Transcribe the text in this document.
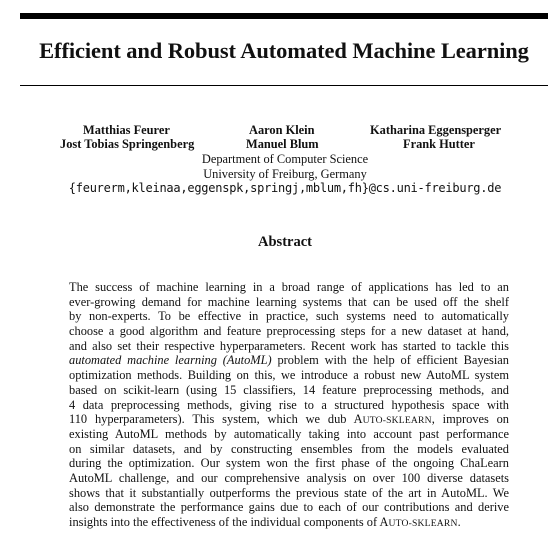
Efficient and Robust Automated Machine Learning
Matthias Feurer	Aaron Klein	Katharina Eggensperger
Jost Tobias Springenberg	Manuel Blum	Frank Hutter
Department of Computer Science
University of Freiburg, Germany
{feurerm,kleinaa,eggenspk,springj,mblum,fh}@cs.uni-freiburg.de
Abstract
The success of machine learning in a broad range of applications has led to an
ever-growing demand for machine learning systems that can be used off the shelf
by non-experts. To be effective in practice, such systems need to automatically
choose a good algorithm and feature preprocessing steps for a new dataset at hand,
and also set their respective hyperparameters. Recent work has started to tackle this
automated machine learning (AutoML) problem with the help of efficient Bayesian
optimization methods. Building on this, we introduce a robust new AutoML system
based on scikit-learn (using 15 classifiers, 14 feature preprocessing methods, and
4 data preprocessing methods, giving rise to a structured hypothesis space with
110 hyperparameters). This system, which we dub AUTO-SKLEARN, improves on
existing AutoML methods by automatically taking into account past performance
on similar datasets, and by constructing ensembles from the models evaluated
during the optimization. Our system won the first phase of the ongoing ChaLearn
AutoML challenge, and our comprehensive analysis on over 100 diverse datasets
shows that it substantially outperforms the previous state of the art in AutoML. We
also demonstrate the performance gains due to each of our contributions and derive
insights into the effectiveness of the individual components of AUTO-SKLEARN.
